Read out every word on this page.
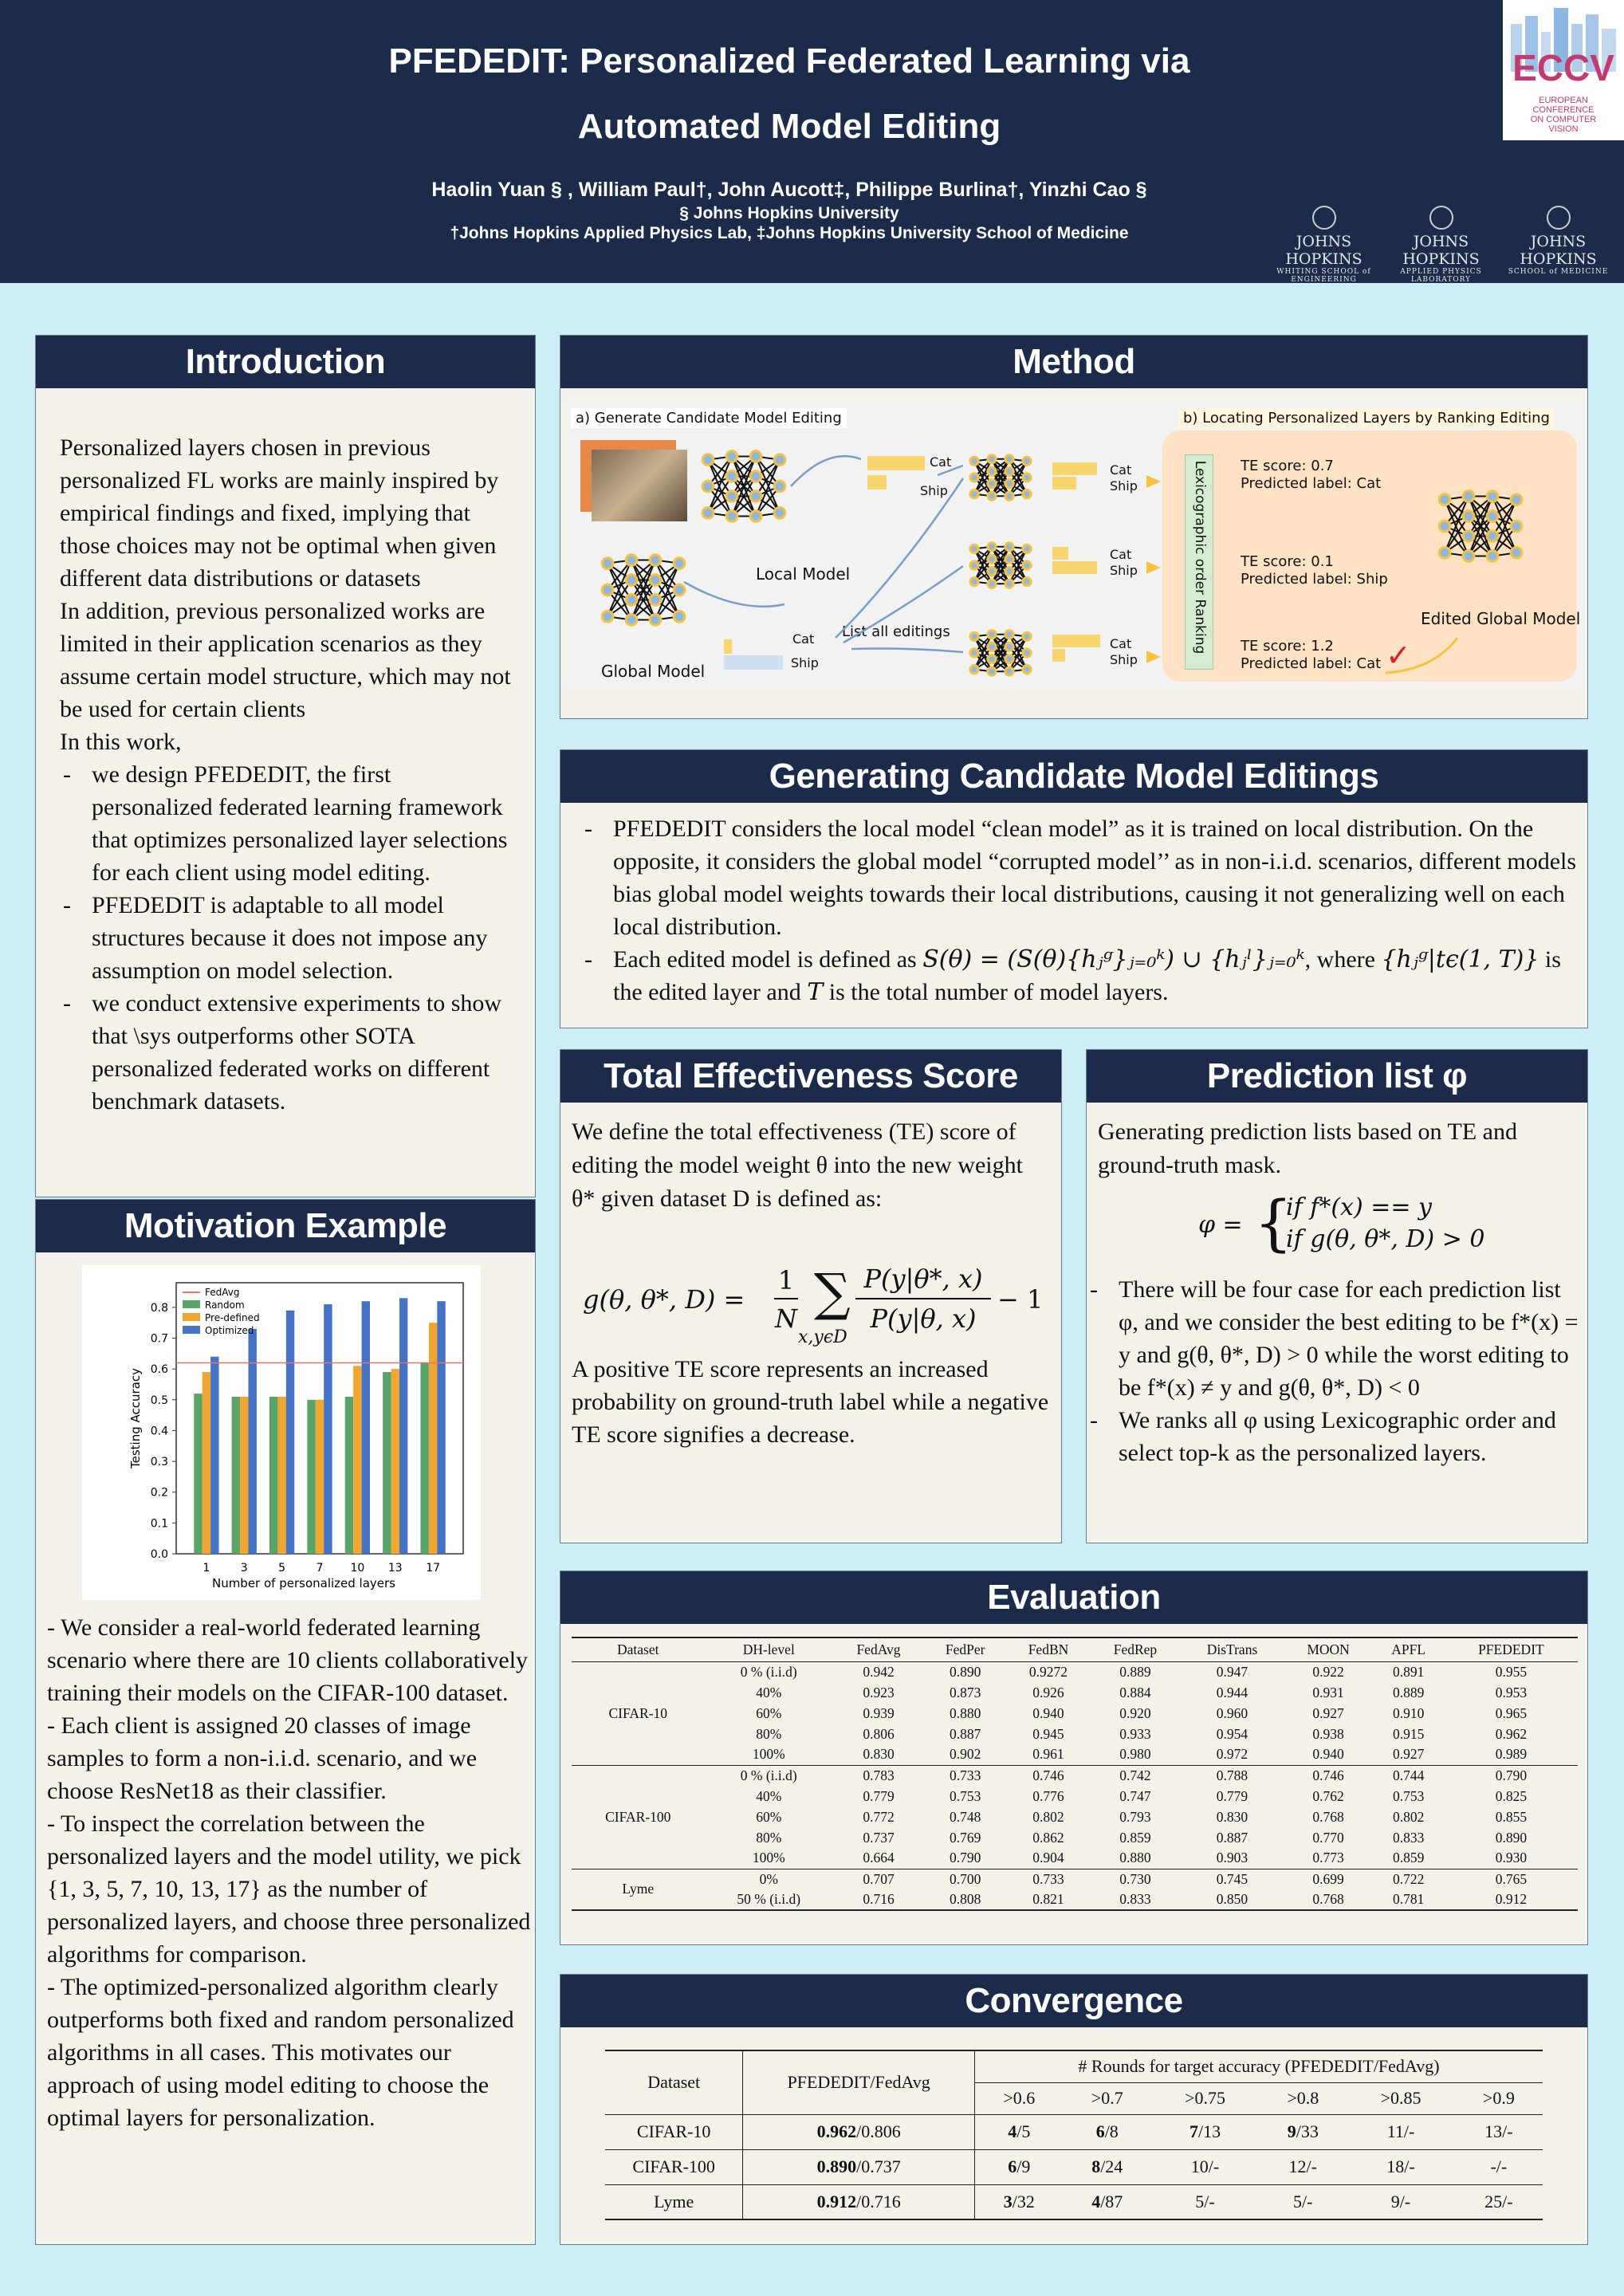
PFEDEDIT: Personalized Federated Learning via
Automated Model Editing
Haolin Yuan § , William Paul†, John Aucott‡, Philippe Burlina†, Yinzhi Cao §
§ Johns Hopkins University
†Johns Hopkins Applied Physics Lab, ‡Johns Hopkins University School of Medicine
ECCV
EUROPEAN
CONFERENCE
ON COMPUTER
VISION
JOHNS HOPKINS
WHITING SCHOOL of ENGINEERING
JOHNS HOPKINS
APPLIED PHYSICS LABORATORY
JOHNS HOPKINS
SCHOOL of MEDICINE
Introduction
Personalized layers chosen in previous personalized FL works are mainly inspired by empirical findings and fixed, implying that those choices may not be optimal when given different data distributions or datasets
In addition, previous personalized works are limited in their application scenarios as they assume certain model structure, which may not be used for certain clients
In this work,
- we design PFEDEDIT, the first personalized federated learning framework that optimizes personalized layer selections for each client using model editing.
- PFEDEDIT is adaptable to all model structures because it does not impose any assumption on model selection.
- we conduct extensive experiments to show that \sys outperforms other SOTA personalized federated works on different benchmark datasets.
Motivation Example
0.0
0.1
0.2
0.3
0.4
0.5
0.6
0.7
0.8
1	3	5	7 10 13 17
Number of personalized layers
Testing Accuracy
FedAvg
Random
Pre-defined
Optimized
- We consider a real-world federated learning scenario where there are 10 clients collaboratively training their models on the CIFAR-100 dataset.
- Each client is assigned 20 classes of image samples to form a non-i.i.d. scenario, and we choose ResNet18 as their classifier.
- To inspect the correlation between the personalized layers and the model utility, we pick {1, 3, 5, 7, 10, 13, 17} as the number of personalized layers, and choose three personalized algorithms for comparison.
- The optimized-personalized algorithm clearly outperforms both fixed and random personalized algorithms in all cases. This motivates our approach of using model editing to choose the optimal layers for personalization.
Method
a) Generate Candidate Model Editing	b) Locating Personalized Layers by Ranking Editing
Local Model
Global Model
Cat
Ship
Cat
Ship
List all editings
Cat
Ship
Cat
Ship
Cat
Ship
Lexicographic order Ranking TE score: 0.7
Predicted label: Cat
TE score: 0.1
Predicted label: Ship
TE score: 1.2
Predicted label: Cat ✓
Edited Global Model
Generating Candidate Model Editings
- PFEDEDIT considers the local model “clean model” as it is trained on local distribution. On the opposite, it considers the global model “corrupted model’’ as in non-i.i.d. scenarios, different models bias global model weights towards their local distributions, causing it not generalizing well on each local distribution.
- Each edited model is defined as S(θ) = (S(θ){hⱼᵍ}ⱼ₌₀ᵏ) ∪ {hⱼˡ}ⱼ₌₀ᵏ, where {hⱼᵍ|tϵ(1, T)} is the edited layer and T is the total number of model layers.
Total Effectiveness Score
We define the total effectiveness (TE) score of editing the model weight θ into the new weight θ* given dataset D is defined as:
g(θ, θ*, D) =
1
N ∑
x,yϵD
P(y|θ*, x)
P(y|θ, x)
− 1
A positive TE score represents an increased probability on ground-truth label while a negative TE score signifies a decrease.
Prediction list φ
Generating prediction lists based on TE and ground-truth mask.
φ = {
if f*(x) == y
if g(θ, θ*, D) > 0
- There will be four case for each prediction list φ, and we consider the best editing to be f*(x) = y and g(θ, θ*, D) > 0 while the worst editing to be f*(x) ≠ y and g(θ, θ*, D) < 0
- We ranks all φ using Lexicographic order and select top-k as the personalized layers.
Evaluation
Dataset	DH-level	FedAvg	FedPer	FedBN	FedRep	DisTrans	MOON	APFL	PFEDEDIT
CIFAR-10	0 % (i.i.d)	0.942	0.890	0.9272	0.889	0.947	0.922	0.891	0.955
	40%	0.923	0.873	0.926	0.884	0.944	0.931	0.889	0.953
	60%	0.939	0.880	0.940	0.920	0.960	0.927	0.910	0.965
	80%	0.806	0.887	0.945	0.933	0.954	0.938	0.915	0.962
	100%	0.830	0.902	0.961	0.980	0.972	0.940	0.927	0.989
CIFAR-100	0 % (i.i.d)	0.783	0.733	0.746	0.742	0.788	0.746	0.744	0.790
	40%	0.779	0.753	0.776	0.747	0.779	0.762	0.753	0.825
	60%	0.772	0.748	0.802	0.793	0.830	0.768	0.802	0.855
	80%	0.737	0.769	0.862	0.859	0.887	0.770	0.833	0.890
	100%	0.664	0.790	0.904	0.880	0.903	0.773	0.859	0.930
Lyme	0%	0.707	0.700	0.733	0.730	0.745	0.699	0.722	0.765
	50 % (i.i.d)	0.716	0.808	0.821	0.833	0.850	0.768	0.781	0.912
Convergence
Dataset	PFEDEDIT/FedAvg	# Rounds for target accuracy (PFEDEDIT/FedAvg)					
		>0.6	>0.7	>0.75	>0.8	>0.85	>0.9
CIFAR-10	0.962/0.806	4/5	6/8	7/13	9/33	11/-	13/-
CIFAR-100	0.890/0.737	6/9	8/24	10/-	12/-	18/-	-/-
Lyme	0.912/0.716	3/32	4/87	5/-	5/-	9/-	25/-
